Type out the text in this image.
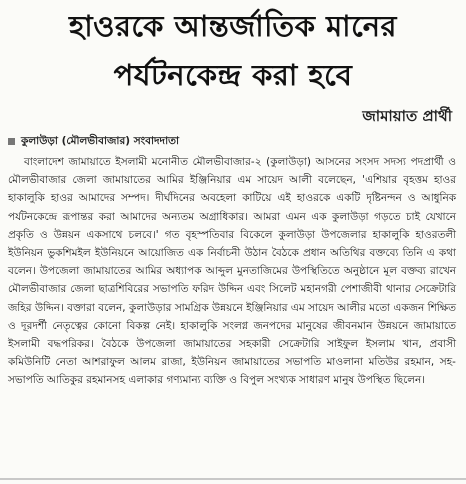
হাওরকে আন্তর্জাতিক মানের
পর্যটনকেন্দ্র করা হবে
জামায়াত প্রার্থী
কুলাউড়া (মৌলভীবাজার) সংবাদদাতা
বাংলাদেশ জামায়াতে ইসলামী মনোনীত মৌলভীবাজার-২ (কুলাউড়া) আসনের সংসদ সদস্য পদপ্রার্থী ও মৌলভীবাজার জেলা জামায়াতের আমির ইঞ্জিনিয়ার এম সায়েদ আলী বলেছেন, 'এশিয়ার বৃহত্তম হাওর হাকালুকি হাওর আমাদের সম্পদ। দীর্ঘদিনের অবহেলা কাটিয়ে এই হাওরকে একটি দৃষ্টিনন্দন ও আধুনিক পর্যটনকেন্দ্রে রূপান্তর করা আমাদের অন্যতম অগ্রাধিকার। আমরা এমন এক কুলাউড়া গড়তে চাই যেখানে প্রকৃতি ও উন্নয়ন একসাথে চলবে।' গত বৃহস্পতিবার বিকেলে কুলাউড়া উপজেলার হাকালুকি হাওরতলী ইউনিয়ন ভুকশিমইল ইউনিয়নে আয়োজিত এক নির্বাচনী উঠান বৈঠকে প্রধান অতিথির বক্তব্যে তিনি এ কথা বলেন। উপজেলা জামায়াতের আমির অধ্যাপক আব্দুল মুনতাজিমের উপস্থিতিতে অনুষ্ঠানে মূল বক্তব্য রাখেন মৌলভীবাজার জেলা ছাত্রশিবিরের সভাপতি ফরিদ উদ্দিন এবং সিলেট মহানগরী পেশাজীবী থানার সেক্রেটারি জহির উদ্দিন। বক্তারা বলেন, কুলাউড়ার সামগ্রিক উন্নয়নে ইঞ্জিনিয়ার এম সায়েদ আলীর মতো একজন শিক্ষিত ও দূরদর্শী নেতৃত্বের কোনো বিকল্প নেই। হাকালুকি সংলগ্ন জনপদের মানুষের জীবনমান উন্নয়নে জামায়াতে ইসলামী বদ্ধপরিকর। বৈঠকে উপজেলা জামায়াতের সহকারী সেক্রেটারি সাইফুল ইসলাম খান, প্রবাসী কমিউনিটি নেতা আশরাফুল আলম রাজা, ইউনিয়ন জামায়াতের সভাপতি মাওলানা মতিউর রহমান, সহ-সভাপতি আতিকুর রহমানসহ এলাকার গণ্যমান্য ব্যক্তি ও বিপুল সংখ্যক সাধারণ মানুষ উপস্থিত ছিলেন।
